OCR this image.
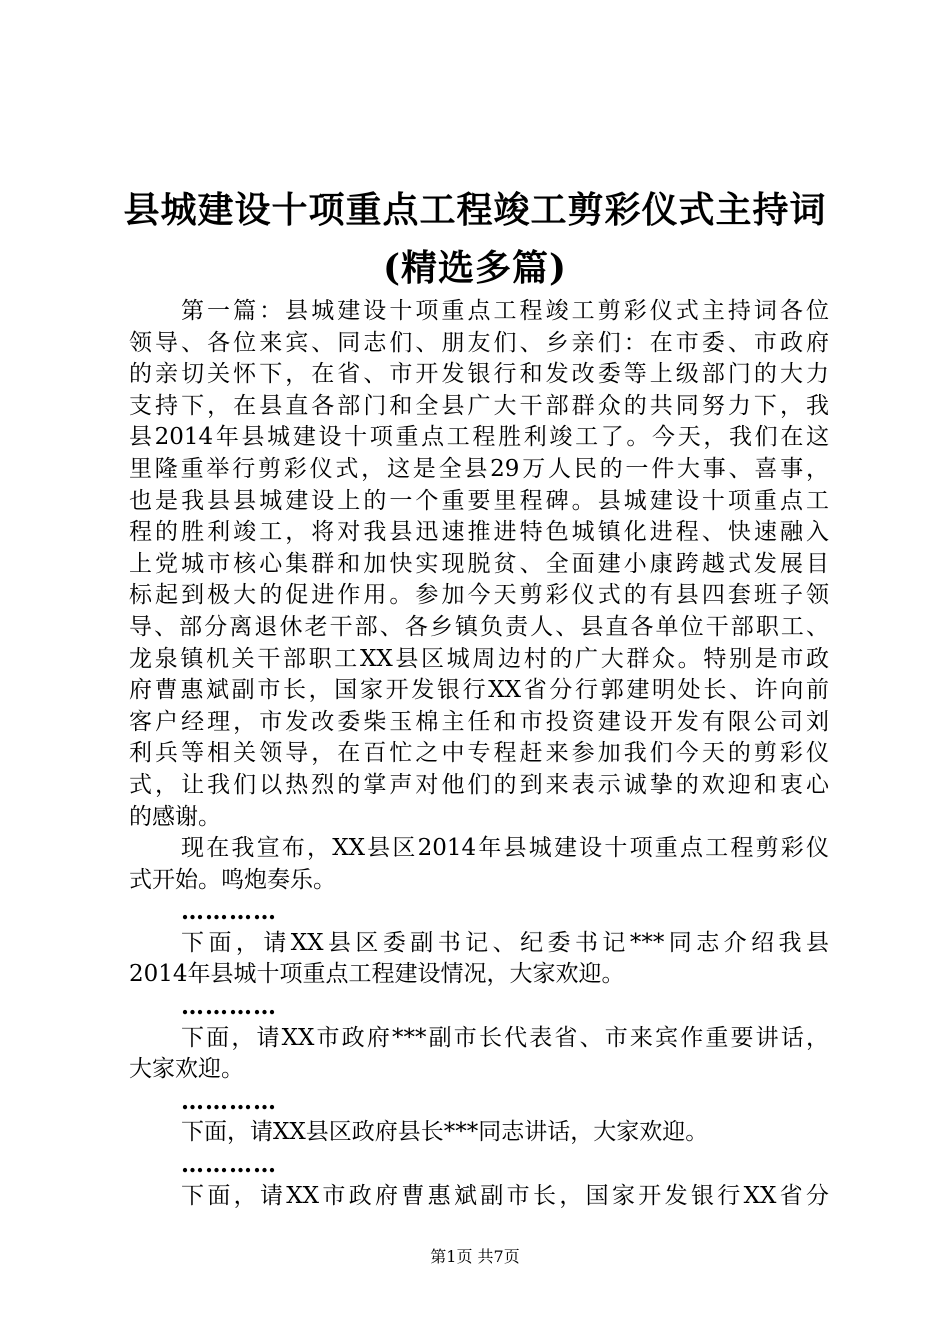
县城建设十项重点工程竣工剪彩仪式主持词
(精选多篇)
第一篇：县城建设十项重点工程竣工剪彩仪式主持词各位
领导、各位来宾、同志们、朋友们、乡亲们：在市委、市政府
的亲切关怀下，在省、市开发银行和发改委等上级部门的大力
支持下，在县直各部门和全县广大干部群众的共同努力下，我
县2014年县城建设十项重点工程胜利竣工了。今天，我们在这
里隆重举行剪彩仪式，这是全县29万人民的一件大事、喜事，
也是我县县城建设上的一个重要里程碑。县城建设十项重点工
程的胜利竣工，将对我县迅速推进特色城镇化进程、快速融入
上党城市核心集群和加快实现脱贫、全面建小康跨越式发展目
标起到极大的促进作用。参加今天剪彩仪式的有县四套班子领
导、部分离退休老干部、各乡镇负责人、县直各单位干部职工、
龙泉镇机关干部职工XX县区城周边村的广大群众。特别是市政
府曹惠斌副市长，国家开发银行XX省分行郭建明处长、许向前
客户经理，市发改委柴玉棉主任和市投资建设开发有限公司刘
利兵等相关领导，在百忙之中专程赶来参加我们今天的剪彩仪
式，让我们以热烈的掌声对他们的到来表示诚挚的欢迎和衷心
的感谢。
现在我宣布，XX县区2014年县城建设十项重点工程剪彩仪
式开始。鸣炮奏乐。
…………
下面，请XX县区委副书记、纪委书记***同志介绍我县
2014年县城十项重点工程建设情况，大家欢迎。
…………
下面，请XX市政府***副市长代表省、市来宾作重要讲话，
大家欢迎。
…………
下面，请XX县区政府县长***同志讲话，大家欢迎。
…………
下面，请XX市政府曹惠斌副市长，国家开发银行XX省分
第1页 共7页
